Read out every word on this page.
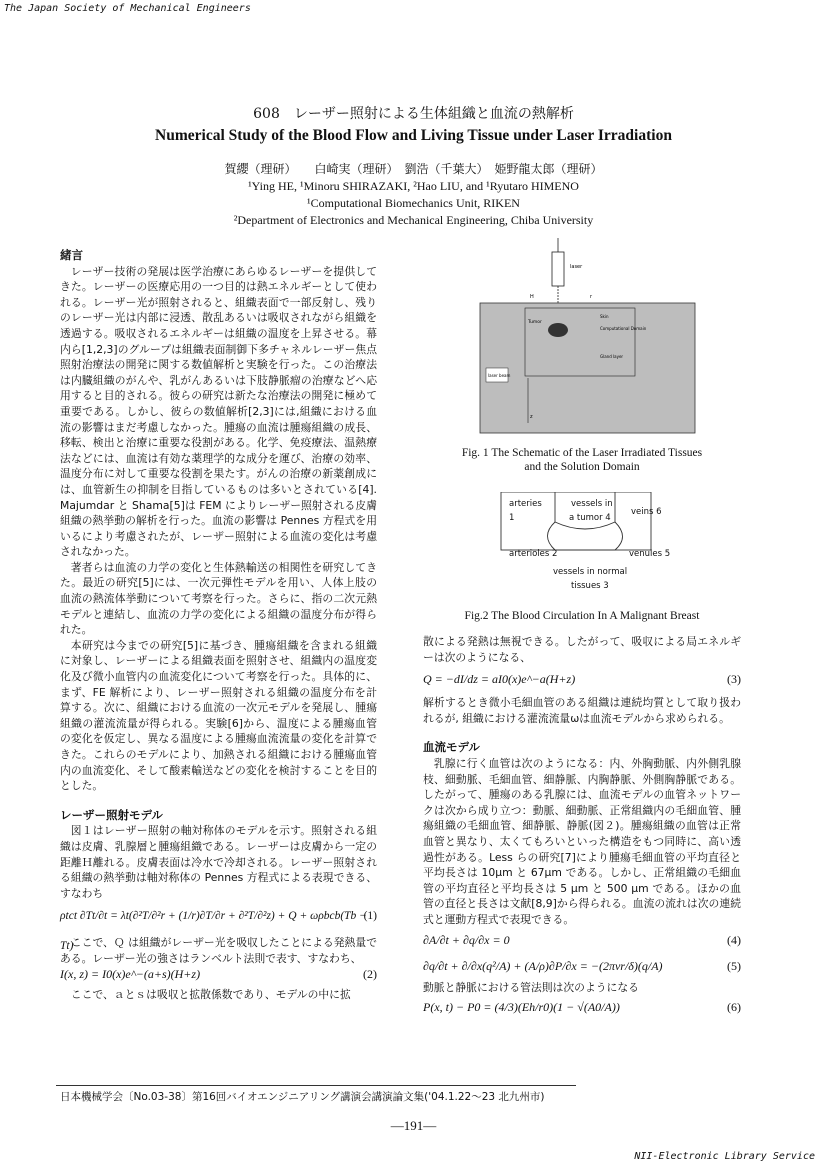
The Japan Society of Mechanical Engineers
608　レーザー照射による生体組織と血流の熱解析
Numerical Study of the Blood Flow and Living Tissue under Laser Irradiation
賀纓（理研）　　白崎実（理研）　劉浩（千葉大）　姫野龍太郎（理研）
¹Ying HE, ¹Minoru SHIRAZAKI, ²Hao LIU, and ¹Ryutaro HIMENO
¹Computational Biomechanics Unit, RIKEN
²Department of Electronics and Mechanical Engineering, Chiba University
緒言

レーザー技術の発展は医学治療にあらゆるレーザーを提供してきた。レーザーの医療応用の一つ目的は熱エネルギーとして使われる。レーザー光が照射されると、組織表面で一部反射し、残りのレーザー光は内部に浸透、散乱あるいは吸収されながら組織を透過する。吸収されるエネルギーは組織の温度を上昇させる。幕内ら[1,2,3]のグループは組織表面制御下多チャネルレーザー焦点照射治療法の開発に関する数値解析と実験を行った。この治療法は内臓組織のがんや、乳がんあるいは下肢静脈瘤の治療などへ応用すると目的される。彼らの研究は新たな治療法の開発に極めて重要である。しかし、彼らの数値解析[2,3]には,組織における血流の影響はまだ考慮しなかった。腫瘍の血流は腫瘍組織の成長、移転、検出と治療に重要な役割がある。化学、免疫療法、温熱療法などには、血流は有効な薬理学的な成分を運び、治療の効率、温度分布に対して重要な役割を果たす。がんの治療の新薬創成には、血管新生の抑制を目指しているものは多いとされている[4]. Majumdar と Shama[5]は FEM によりレーザー照射される皮膚組織の熱挙動の解析を行った。血流の影響は Pennes 方程式を用いるにより考慮されたが、レーザー照射による血流の変化は考慮されなかった。

著者らは血流の力学の変化と生体熱輸送の相関性を研究してきた。最近の研究[5]には、一次元弾性モデルを用い、人体上肢の血流の熱流体挙動について考察を行った。さらに、指の二次元熱モデルと連結し、血流の力学の変化による組織の温度分布が得られた。

本研究は今までの研究[5]に基づき、腫瘍組織を含まれる組織に対象し、レーザーによる組織表面を照射させ、組織内の温度変化及び微小血管内の血流変化について考察を行った。具体的に、まず、FE 解析により、レーザー照射される組織の温度分布を計算する。次に、組織における血流の一次元モデルを発展し、腫瘍組織の灌流流量が得られる。実験[6]から、温度による腫瘍血管の変化を仮定し、異なる温度による腫瘍血流流量の変化を計算できた。これらのモデルにより、加熱される組織における腫瘍血管内の血流変化、そして酸素輸送などの変化を検討することを目的とした。

レーザー照射モデル

図１はレーザー照射の軸対称体のモデルを示す。照射される組織は皮膚、乳腺層と腫瘍組織である。レーザーは皮膚から一定の距離Ｈ離れる。皮膚表面は冷水で冷却される。レーザー照射される組織の熱挙動は軸対称体の Pennes 方程式による表現できる、すなわち

ρtct ∂Tt/∂t = λt(∂²T/∂²r + (1/r)∂T/∂r + ∂²T/∂²z) + Q + ωρbcb(Tb − Tt)
(1)

ここで、Ｑ は組織がレーザー光を吸収したことによる発熱量である。レーザー光の強さはランベルト法則で表す、すなわち、

I(x, z) = I0(x)e^−(a+s)(H+z)	(2)

ここで、ａとｓは吸収と拡散係数であり、モデルの中に拡

laser
H	r
Tumor
Skin
Computational Domain
Gland layer
laser beam
z
Fig. 1 The Schematic of the Laser Irradiated Tissues
and the Solution Domain
arteries
1
vessels in
a tumor 4
veins 6
arterioles 2	venules 5
vessels in normal
tissues 3
Fig.2 The Blood Circulation In A Malignant Breast

散による発熱は無視できる。したがって、吸収による局エネルギーは次のようになる、

Q = −dI/dz = aI0(x)e^−a(H+z)	(3)

解析するとき微小毛細血管のある組織は連続均質として取り扱われるが, 組織における灌流流量ωは血流モデルから求められる。

血流モデル

乳腺に行く血管は次のようになる：内、外胸動脈、内外側乳腺枝、細動脈、毛細血管、細静脈、内胸静脈、外側胸静脈である。したがって、腫瘍のある乳腺には、血流モデルの血管ネットワークは次から成り立つ：動脈、細動脈、正常組織内の毛細血管、腫瘍組織の毛細血管、細静脈、静脈(図２)。腫瘍組織の血管は正常血管と異なり、太くてもろいといった構造をもつ同時に、高い透過性がある。Less らの研究[7]により腫瘍毛細血管の平均直径と平均長さは 10μm と 67μm である。しかし、正常組織の毛細血管の平均直径と平均長さは 5 μm と 500 μm である。ほかの血管の直径と長さは文献[8,9]から得られる。血流の流れは次の連続式と運動方程式で表現できる。

∂A/∂t + ∂q/∂x = 0	(4)
∂q/∂t + ∂/∂x(q²/A) + (A/ρ)∂P/∂x = −(2πνr/δ)(q/A)	(5)

動脈と静脈における管法則は次のようになる

P(x, t) − P0 = (4/3)(Eh/r0)(1 − √(A0/A))	(6)
日本機械学会〔No.03-38〕第16回バイオエンジニアリング講演会講演論文集('04.1.22～23 北九州市)
—191—
NII-Electronic Library Service
